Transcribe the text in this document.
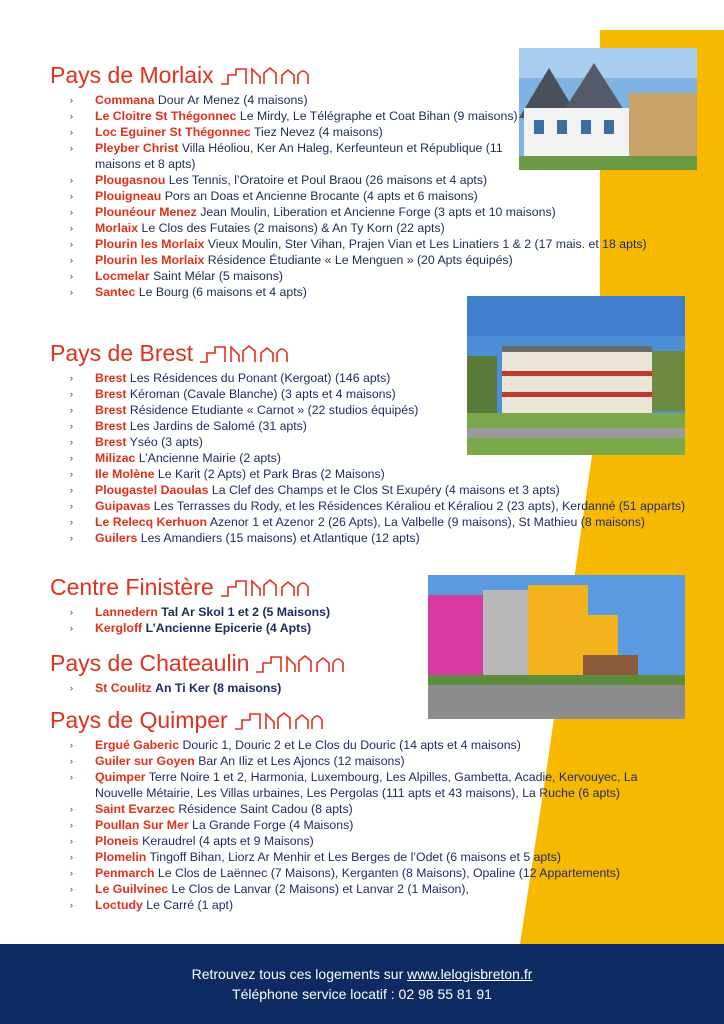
Pays de Morlaix
› Commana Dour Ar Menez (4 maisons)
› Le Cloitre St Thégonnec Le Mirdy, Le Télégraphe et Coat Bihan (9 maisons)
› Loc Eguiner St Thégonnec Tiez Nevez (4 maisons)
› Pleyber Christ Villa Héoliou, Ker An Haleg, Kerfeunteun et République (11 maisons et 8 apts)
› Plougasnou Les Tennis, l’Oratoire et Poul Braou (26 maisons et 4 apts)
› Plouigneau Pors an Doas et Ancienne Brocante (4 apts et 6 maisons)
› Plounéour Menez Jean Moulin, Liberation et Ancienne Forge (3 apts et 10 maisons)
› Morlaix Le Clos des Futaies (2 maisons) & An Ty Korn (22 apts)
› Plourin les Morlaix Vieux Moulin, Ster Vihan, Prajen Vian et Les Linatiers 1 & 2 (17 mais. et 18 apts)
› Plourin les Morlaix Résidence Étudiante « Le Menguen » (20 Apts équipés)
› Locmelar Saint Mélar (5 maisons)
› Santec Le Bourg (6 maisons et 4 apts)
Pays de Brest
› Brest Les Résidences du Ponant (Kergoat) (146 apts)
› Brest Kéroman (Cavale Blanche) (3 apts et 4 maisons)
› Brest Résidence Etudiante « Carnot » (22 studios équipés)
› Brest Les Jardins de Salomé (31 apts)
› Brest Yséo (3 apts)
› Milizac L’Ancienne Mairie (2 apts)
› Ile Molène Le Karit (2 Apts) et Park Bras (2 Maisons)
› Plougastel Daoulas La Clef des Champs et le Clos St Exupéry (4 maisons et 3 apts)
› Guipavas Les Terrasses du Rody, et les Résidences Kéraliou et Kéraliou 2 (23 apts), Kerdanné (51 apparts)
› Le Relecq Kerhuon Azenor 1 et Azenor 2 (26 Apts), La Valbelle (9 maisons), St Mathieu (8 maisons)
› Guilers Les Amandiers (15 maisons) et Atlantique (12 apts)
Centre Finistère
› Lannedern Tal Ar Skol 1 et 2 (5 Maisons)
› Kergloff L’Ancienne Epicerie (4 Apts)
Pays de Chateaulin
› St Coulitz An Ti Ker (8 maisons)
Pays de Quimper
› Ergué Gaberic Douric 1, Douric 2 et Le Clos du Douric (14 apts et 4 maisons)
› Guiler sur Goyen Bar An Iliz et Les Ajoncs (12 maisons)
› Quimper Terre Noire 1 et 2, Harmonia, Luxembourg, Les Alpilles, Gambetta, Acadie, Kervouyec, La Nouvelle Métairie, Les Villas urbaines, Les Pergolas (111 apts et 43 maisons), La Ruche (6 apts)
› Saint Evarzec Résidence Saint Cadou (8 apts)
› Poullan Sur Mer La Grande Forge (4 Maisons)
› Ploneis Keraudrel (4 apts et 9 Maisons)
› Plomelin Tingoff Bihan, Liorz Ar Menhir et Les Berges de l’Odet (6 maisons et 5 apts)
› Penmarch Le Clos de Laënnec (7 Maisons), Kerganten (8 Maisons), Opaline (12 Appartements)
› Le Guilvinec Le Clos de Lanvar (2 Maisons) et Lanvar 2 (1 Maison),
› Loctudy Le Carré (1 apt)
Retrouvez tous ces logements sur www.lelogisbreton.fr
Téléphone service locatif : 02 98 55 81 91
